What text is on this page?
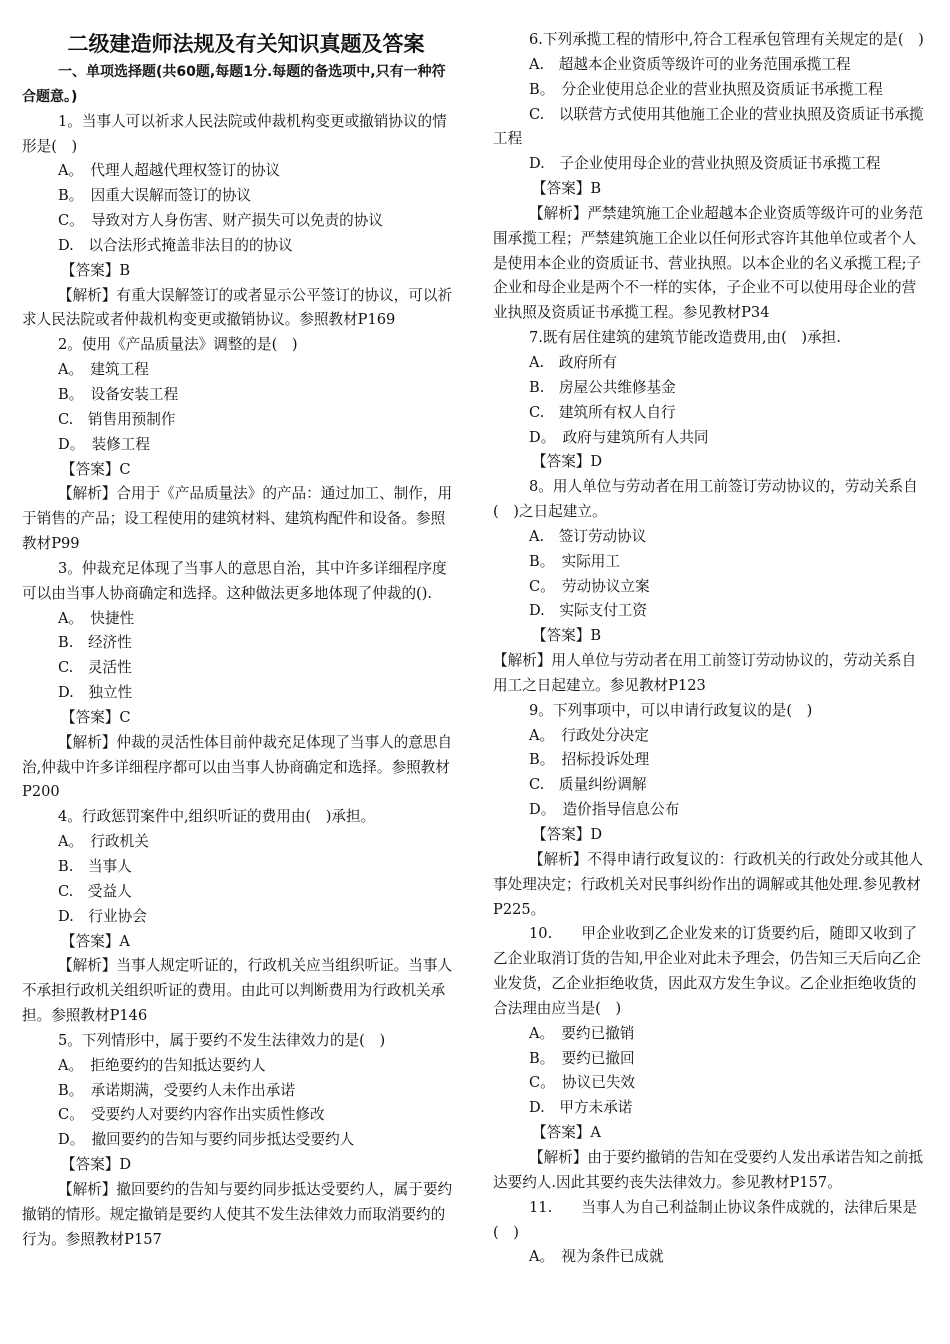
二级建造师法规及有关知识真题及答案

一、单项选择题(共60题,每题1分.每题的备选项中,只有一种符合题意。)

1。当事人可以祈求人民法院或仲裁机构变更或撤销协议的情形是(　)

A。　代理人超越代理权签订的协议

B。　因重大误解而签订的协议

C。　导致对方人身伤害、财产损失可以免责的协议

D.　以合法形式掩盖非法目的的协议

【答案】B

【解析】有重大误解签订的或者显示公平签订的协议，可以祈求人民法院或者仲裁机构变更或撤销协议。参照教材P169

2。使用《产品质量法》调整的是(　)

A。　建筑工程

B。　设备安装工程

C.　销售用预制作

D。　装修工程

【答案】C

【解析】合用于《产品质量法》的产品：通过加工、制作，用于销售的产品；设工程使用的建筑材料、建筑构配件和设备。参照教材P99

3。仲裁充足体现了当事人的意思自治，其中许多详细程序度可以由当事人协商确定和选择。这种做法更多地体现了仲裁的().

A。　快捷性

B.　经济性

C.　灵活性

D.　独立性

【答案】C

【解析】仲裁的灵活性体目前仲裁充足体现了当事人的意思自治,仲裁中许多详细程序都可以由当事人协商确定和选择。参照教材P200

4。行政惩罚案件中,组织听证的费用由(　)承担。

A。　行政机关

B.　当事人

C.　受益人

D.　行业协会

【答案】A

【解析】当事人规定听证的，行政机关应当组织听证。当事人不承担行政机关组织听证的费用。由此可以判断费用为行政机关承担。参照教材P146

5。下列情形中，属于要约不发生法律效力的是(　)

A。　拒绝要约的告知抵达要约人

B。　承诺期满，受要约人未作出承诺

C。　受要约人对要约内容作出实质性修改

D。　撤回要约的告知与要约同步抵达受要约人

【答案】D

【解析】撤回要约的告知与要约同步抵达受要约人，属于要约撤销的情形。规定撤销是要约人使其不发生法律效力而取消要约的行为。参照教材P157

6.下列承揽工程的情形中,符合工程承包管理有关规定的是(　)

A.　超越本企业资质等级许可的业务范围承揽工程

B。　分企业使用总企业的营业执照及资质证书承揽工程

C.　以联营方式使用其他施工企业的营业执照及资质证书承揽工程

D.　子企业使用母企业的营业执照及资质证书承揽工程

【答案】B

【解析】严禁建筑施工企业超越本企业资质等级许可的业务范围承揽工程；严禁建筑施工企业以任何形式容许其他单位或者个人是使用本企业的资质证书、营业执照。以本企业的名义承揽工程;子企业和母企业是两个不一样的实体，子企业不可以使用母企业的营业执照及资质证书承揽工程。参见教材P34

7.既有居住建筑的建筑节能改造费用,由(　)承担.

A.　政府所有

B.　房屋公共维修基金

C.　建筑所有权人自行

D。　政府与建筑所有人共同

【答案】D

8。用人单位与劳动者在用工前签订劳动协议的，劳动关系自(　)之日起建立。

A.　签订劳动协议

B。　实际用工

C。　劳动协议立案

D.　实际支付工资

【答案】B

【解析】用人单位与劳动者在用工前签订劳动协议的，劳动关系自用工之日起建立。参见教材P123

9。下列事项中，可以申请行政复议的是(　)

A。　行政处分决定

B。　招标投诉处理

C.　质量纠纷调解

D。　造价指导信息公布

【答案】D

【解析】不得申请行政复议的：行政机关的行政处分或其他人事处理决定；行政机关对民事纠纷作出的调解或其他处理.参见教材P225。

10.　　甲企业收到乙企业发来的订货要约后，随即又收到了乙企业取消订货的告知,甲企业对此未予理会，仍告知三天后向乙企业发货，乙企业拒绝收货，因此双方发生争议。乙企业拒绝收货的合法理由应当是(　)

A。　要约已撤销

B。　要约已撤回

C。　协议已失效

D.　甲方未承诺

【答案】A

【解析】由于要约撤销的告知在受要约人发出承诺告知之前抵达要约人.因此其要约丧失法律效力。参见教材P157。

11.　　当事人为自己利益制止协议条件成就的，法律后果是(　)

A。　视为条件已成就
